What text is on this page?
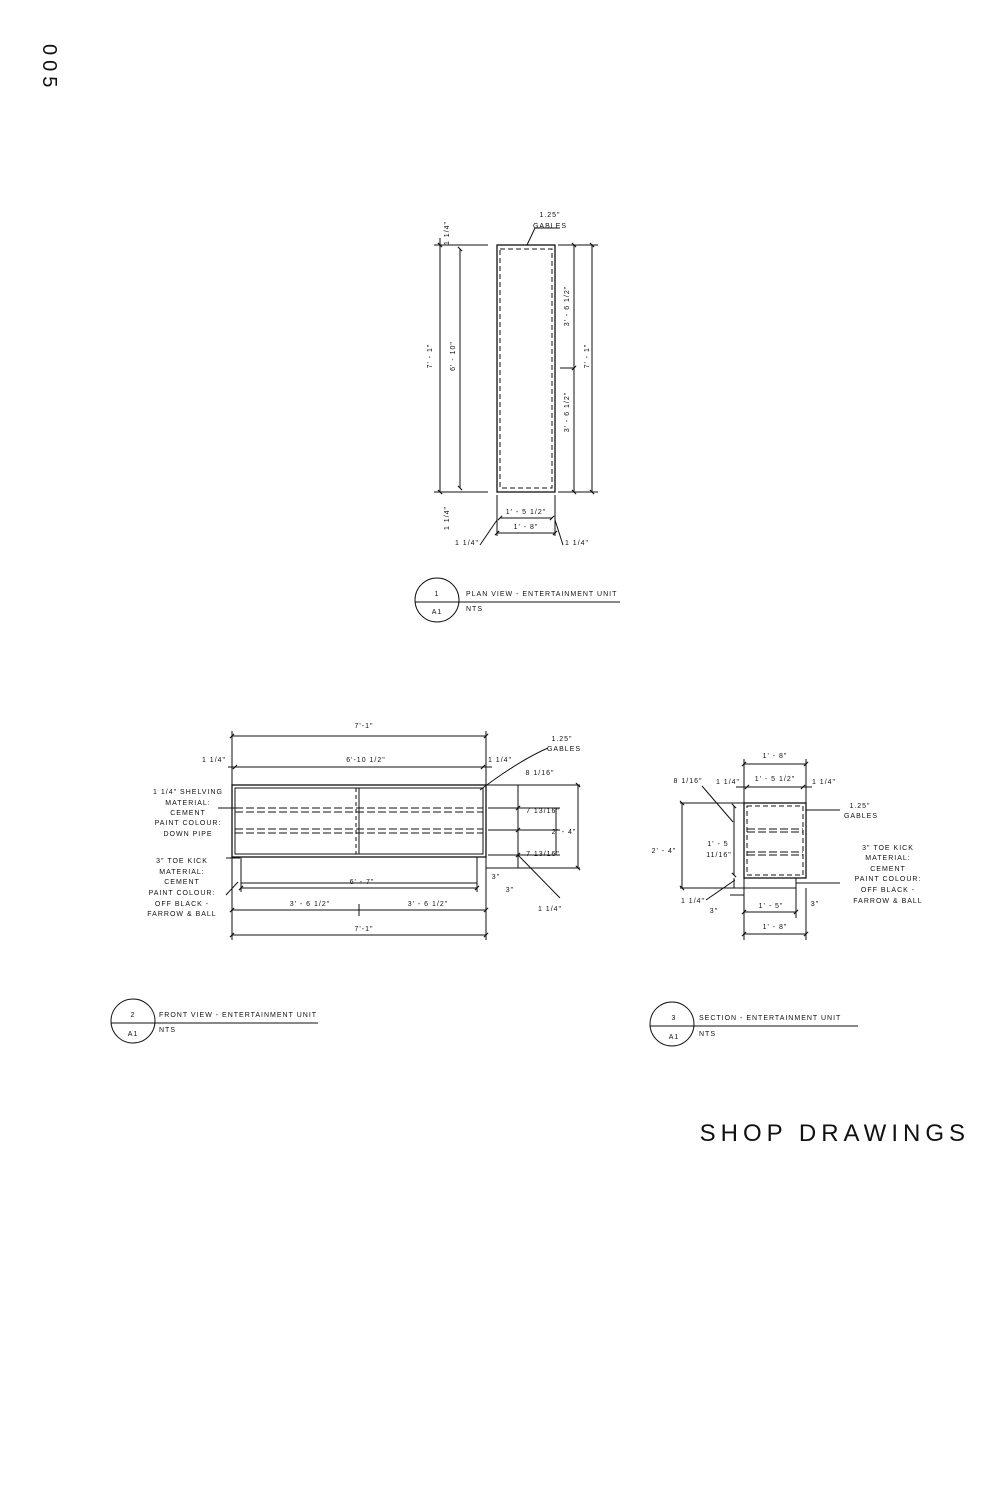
005
1.25"
GABLES
1 1/4"
7' - 1" 6' - 10"
3' - 6 1/2"
3' - 6 1/2"
7' - 1"
1 1/4"	1' - 5 1/2"
1' - 8"
1 1/4"	1 1/4"
1
A1
PLAN VIEW - ENTERTAINMENT UNIT
NTS
7'-1"
6'-10 1/2"
1 1/4"	1 1/4"
1.25"
GABLES
8 1/16"
7 13/16"
2' - 4"
7 13/16"
3"
3"
1 1/4"
6' - 7"
3' - 6 1/2"	3' - 6 1/2"
7'-1"
1 1/4" SHELVING
MATERIAL:
CEMENT
PAINT COLOUR:
DOWN PIPE
3" TOE KICK
MATERIAL:
CEMENT
PAINT COLOUR:
OFF BLACK -
FARROW & BALL
2
A1
FRONT VIEW - ENTERTAINMENT UNIT
NTS
1' - 8"
1' - 5 1/2"
1 1/4"	1 1/4"
8 1/16"
1.25"
GABLES
2' - 4"
1' - 5
11/16"
1 1/4"
3"
3"
1' - 5"
1' - 8"
3" TOE KICK
MATERIAL:
CEMENT
PAINT COLOUR:
OFF BLACK -
FARROW & BALL
3
A1
SECTION - ENTERTAINMENT UNIT
NTS
SHOP DRAWINGS
